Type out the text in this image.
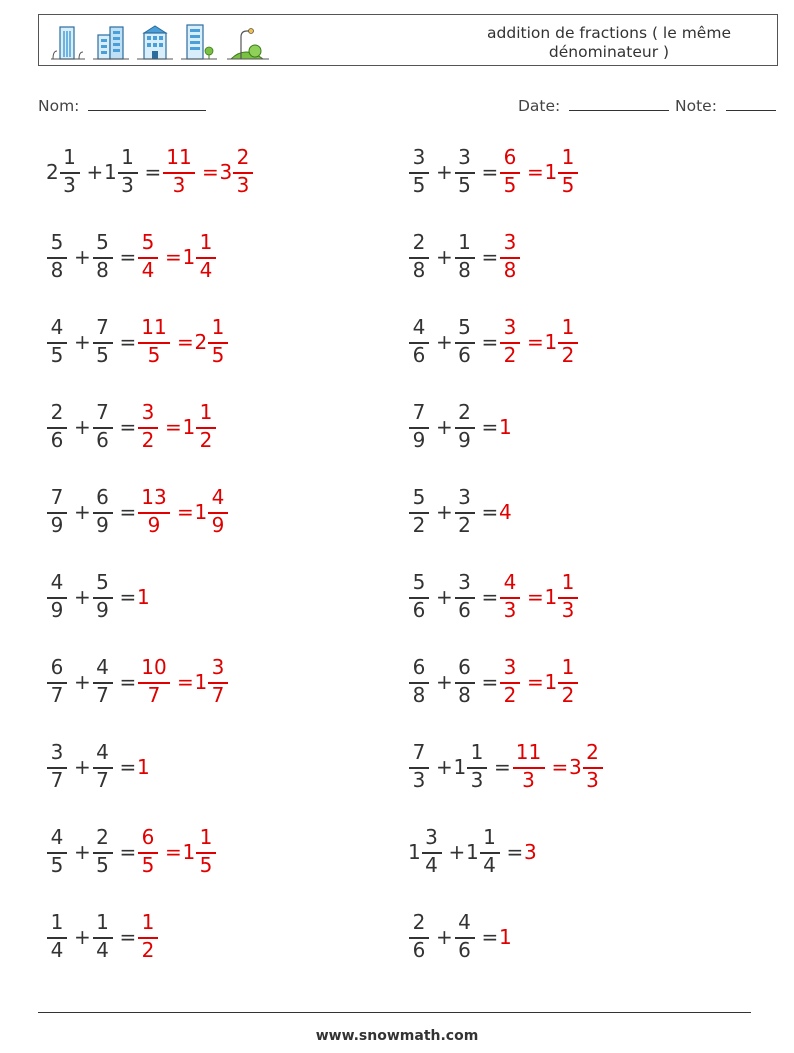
addition de fractions ( le même dénominateur )
Nom:	Date:	Note:
2
1
3
+ 1
1
3
=
11
3
= 3
2
3
3
5
+
3
5
=
6
5
= 1
1
5
5
8
+
5
8
=
5
4
= 1
1
4
2
8
+
1
8
=
3
8
4
5
+
7
5
=
11
5
= 2
1
5
4
6
+
5
6
=
3
2
= 1
1
2
2
6
+
7
6
=
3
2
= 1
1
2
7
9
+
2
9
= 1
7
9
+
6
9
=
13
9
= 1
4
9
5
2
+
3
2
= 4
4
9
+
5
9
= 1
5
6
+
3
6
=
4
3
= 1
1
3
6
7
+
4
7
=
10
7
= 1
3
7
6
8
+
6
8
=
3
2
= 1
1
2
3
7
+
4
7
= 1
7
3
+ 1
1
3
=
11
3
= 3
2
3
4
5
+
2
5
=
6
5
= 1
1
5
1
3
4
+ 1
1
4
= 3
1
4
+
1
4
=
1
2
2
6
+
4
6
= 1
www.snowmath.com
